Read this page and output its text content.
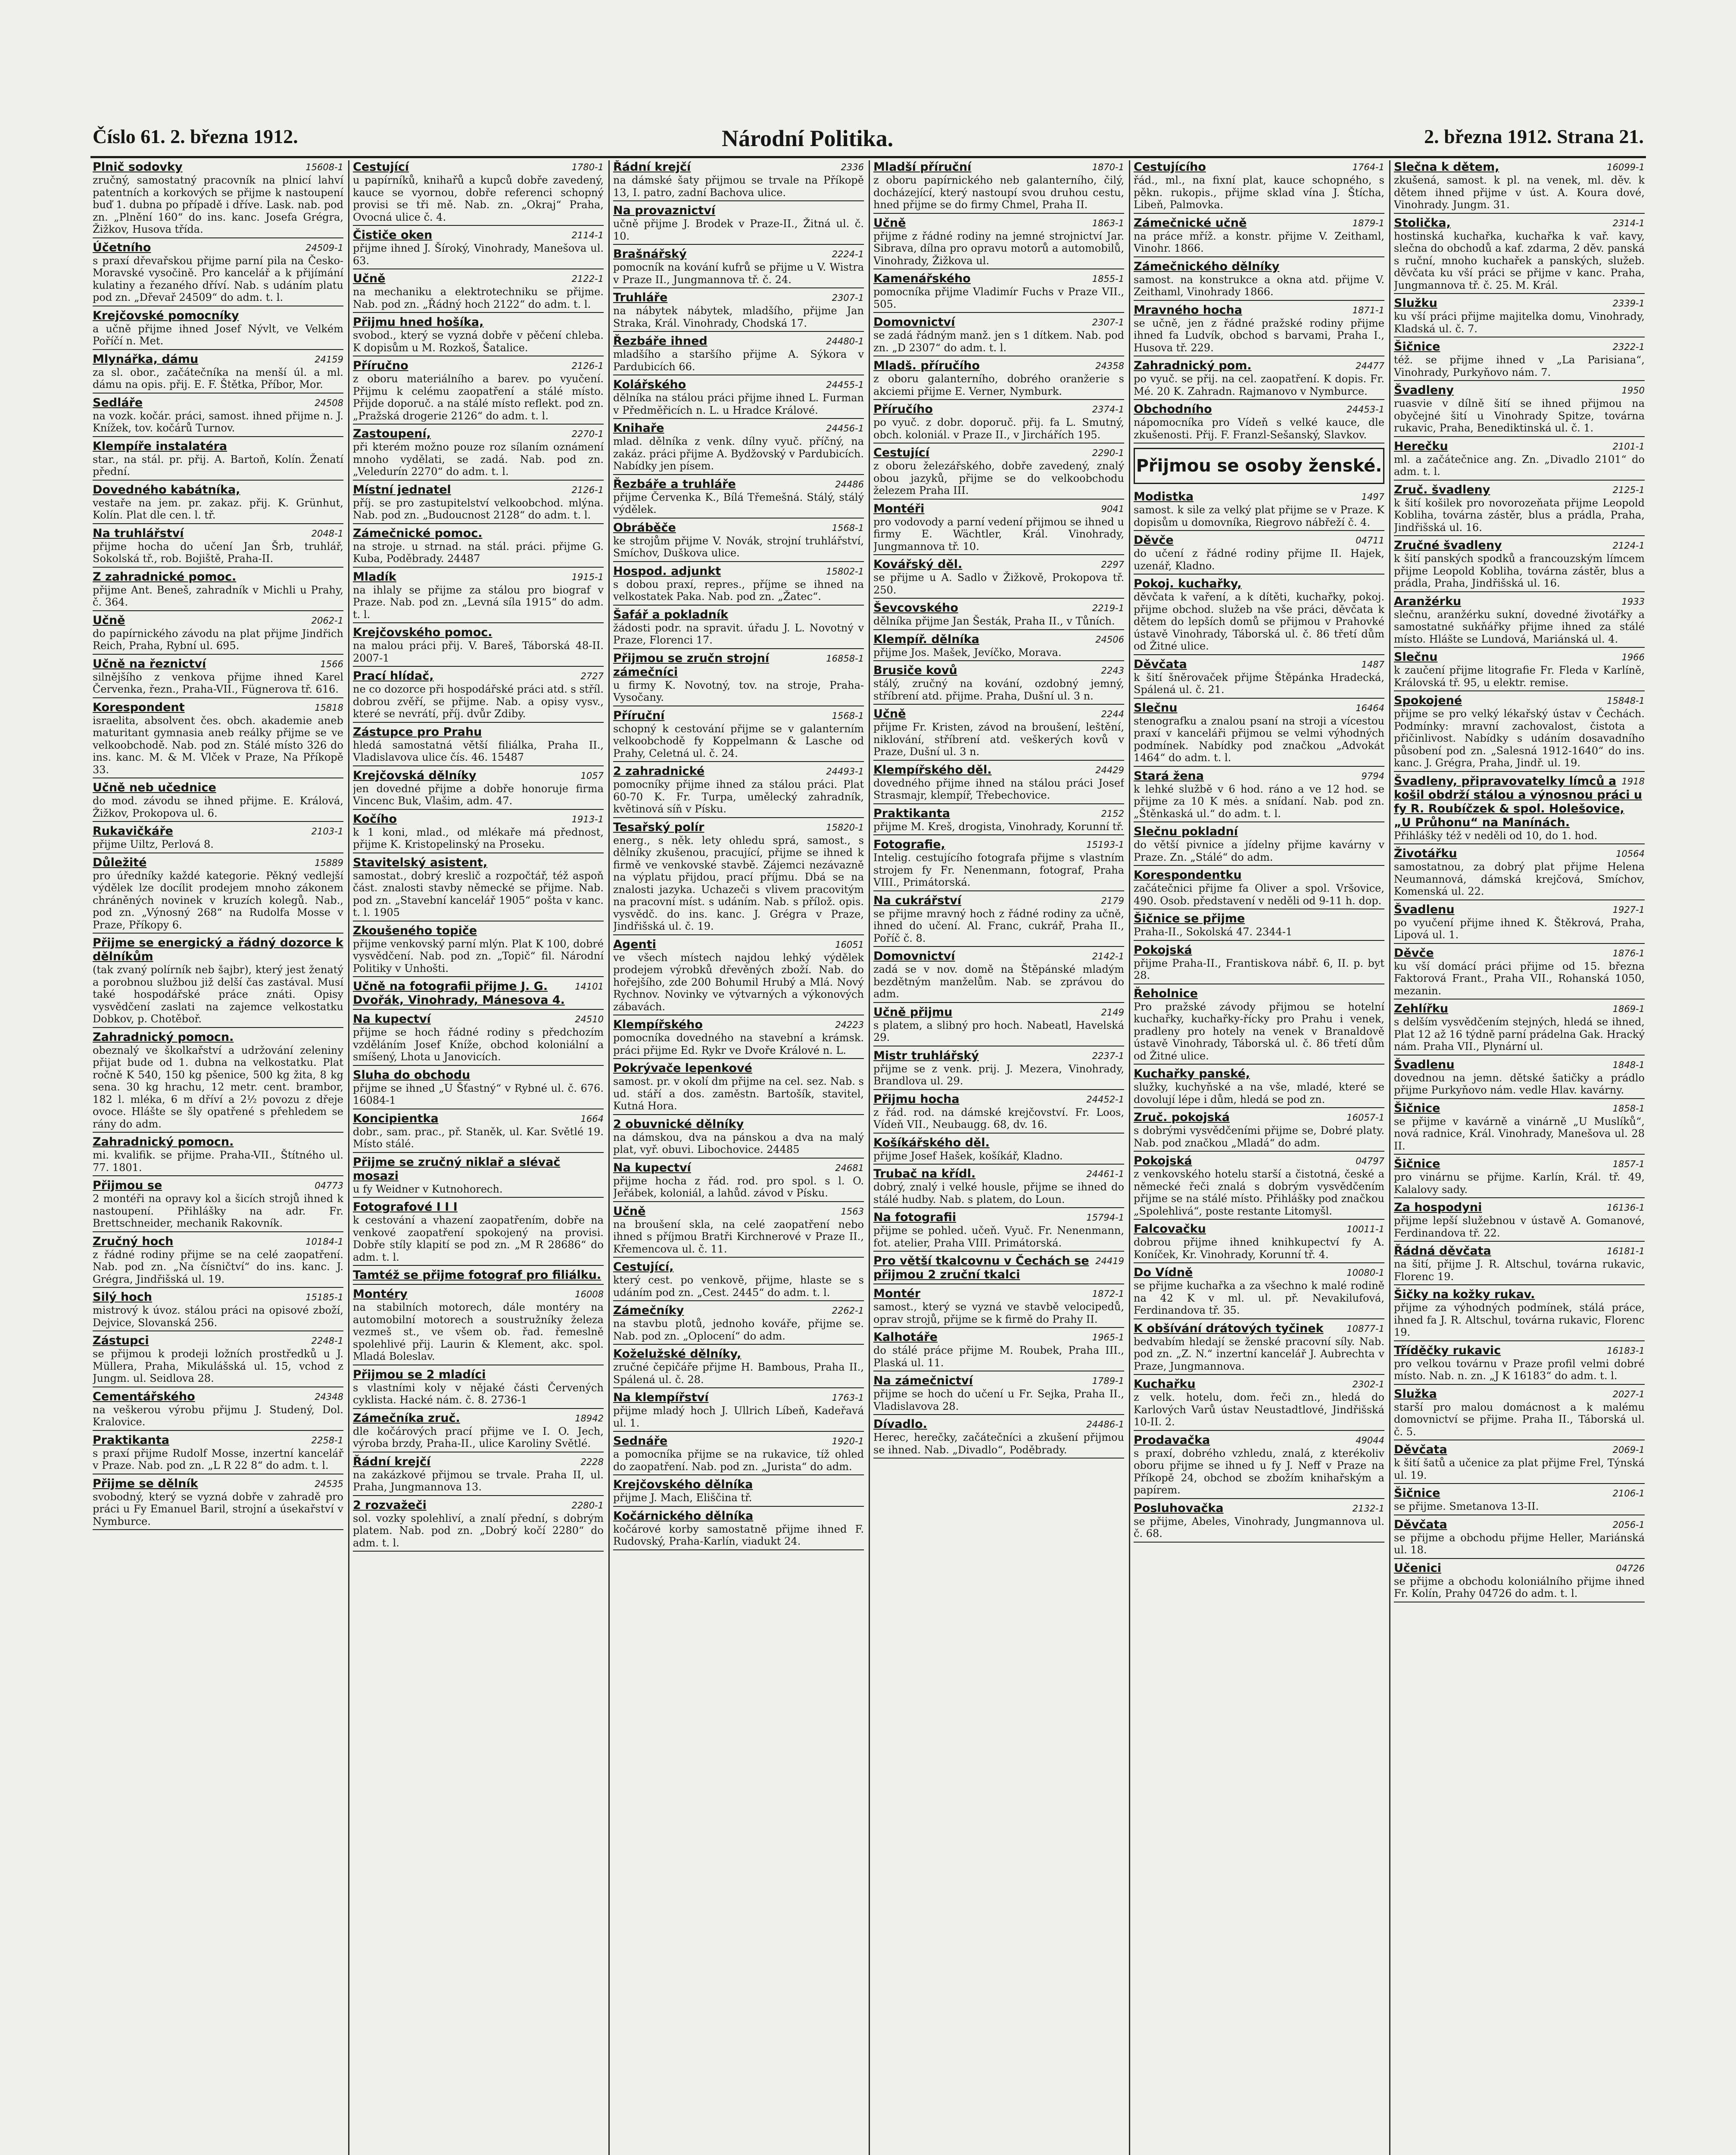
Číslo 61. 2. března 1912.	Národní Politika.	2. března 1912. Strana 21.
15608-1
Plnič sodovky
zručný, samostatný pracovník na plnicí lahví patentních a korkových se přijme k nastoupení buď 1. dubna po případě i dříve. Lask. nab. pod zn. „Plnění 160“ do ins. kanc. Josefa Grégra, Žižkov, Husova třída.
24509-1
Účetního
s praxí dřevařskou přijme parní pila na Česko-Moravské vysočině. Pro kancelář a k přijímání kulatiny a řezaného dříví. Nab. s udáním platu pod zn. „Dřevař 24509“ do adm. t. l.
Krejčovské pomocníky
a učně přijme ihned Josef Nývlt, ve Velkém Poříčí n. Met.
24159
Mlynářka, dámu
za sl. obor., začátečníka na menší úl. a ml. dámu na opis. přij. E. F. Štětka, Příbor, Mor.
24508
Sedláře
na vozk. kočár. práci, samost. ihned přijme n. J. Knížek, tov. kočárů Turnov.
Klempíře instalatéra
star., na stál. pr. přij. A. Bartoň, Kolín. Ženatí přední.
Dovedného kabátníka,
vestaře na jem. pr. zakaz. přij. K. Grünhut, Kolín. Plat dle cen. l. tř.
2048-1
Na truhlářství
přijme hocha do učení Jan Šrb, truhlář, Sokolská tř., rob. Bojiště, Praha-II.
Z zahradnické pomoc.
přijme Ant. Beneš, zahradník v Michli u Prahy, č. 364.
2062-1
Učně
do papírnického závodu na plat přijme Jindřich Reich, Praha, Rybní ul. 695.
1566
Učně na řeznictví
silnějšího z venkova přijme ihned Karel Červenka, řezn., Praha-VII., Fügnerova tř. 616.
15818
Korespondent
israelita, absolvent čes. obch. akademie aneb maturitant gymnasia aneb reálky přijme se ve velkoobchodě. Nab. pod zn. Stálé místo 326 do ins. kanc. M. & M. Vlček v Praze, Na Příkopě 33.
Učně neb učednice
do mod. závodu se ihned přijme. E. Králová, Žižkov, Prokopova ul. 6.
2103-1
Rukavičkáře
přijme Uiltz, Perlová 8.
15889
Důležité
pro úředníky každé kategorie. Pěkný vedlejší výdělek lze docílit prodejem mnoho zákonem chráněných novinek v kruzích kolegů. Nab., pod zn. „Výnosný 268“ na Rudolfa Mosse v Praze, Příkopy 6.
Přijme se energický a řádný dozorce k dělníkům
(tak zvaný polírník neb šajbr), který jest ženatý a porobnou službou již delší čas zastával. Musí také hospodářské práce znáti. Opisy vysvědčení zaslati na zajemce velkostatku Dobkov, p. Chotěboř.
Zahradnický pomocn.
obeznalý ve školkařství a udržování zeleniny přijat bude od 1. dubna na velkostatku. Plat ročně K 540, 150 kg pšenice, 500 kg žita, 8 kg sena. 30 kg hrachu, 12 metr. cent. brambor, 182 l. mléka, 6 m dříví a 2½ povozu z dřeje ovoce. Hlášte se šly opatřené s přehledem se rány do adm.
Zahradnický pomocn.
mi. kvalifik. se přijme. Praha-VII., Štítného ul. 77. 1801.
04773
Přijmou se
2 montéři na opravy kol a šicích strojů ihned k nastoupení. Přihlášky na adr. Fr. Brettschneider, mechanik Rakovník.
10184-1
Zručný hoch
z řádné rodiny přijme se na celé zaopatření. Nab. pod zn. „Na čísničtví“ do ins. kanc. J. Grégra, Jindřišská ul. 19.
15185-1
Silý hoch
mistrový k úvoz. stálou práci na opisové zboží, Dejvice, Slovanská 256.
2248-1
Zástupci
se přijmou k prodeji ložních prostředků u J. Müllera, Praha, Mikulášská ul. 15, vchod z Jungm. ul. Seidlova 28.
24348
Cementářského
na veškerou výrobu přijmu J. Studený, Dol. Kralovice.
2258-1
Praktikanta
s praxí přijme Rudolf Mosse, inzertní kancelář v Praze. Nab. pod zn. „L R 22 8“ do adm. t. l.
24535
Přijme se dělník
svobodný, který se vyzná dobře v zahradě pro práci u Fy Emanuel Baril, strojní a úsekařství v Nymburce.
1780-1
Cestující
u papírníků, knihařů a kupců dobře zavedený, kauce se vyornou, dobře referenci schopný provisi se tři mě. Nab. zn. „Okraj“ Praha, Ovocná ulice č. 4.
2114-1
Čističe oken
přijme ihned J. Šíroký, Vinohrady, Manešova ul. 63.
2122-1
Učně
na mechaniku a elektrotechniku se přijme. Nab. pod zn. „Řádný hoch 2122“ do adm. t. l.
Přijmu hned hošíka,
svobod., který se vyzná dobře v pěčení chleba. K dopisům u M. Rozkoš, Šatalice.
2126-1
Příručno
z oboru materiálního a barev. po vyučení. Přijmu k celému zaopatření a stálé místo. Přijde doporuč. a na stálé místo reflekt. pod zn. „Pražská drogerie 2126“ do adm. t. l.
2270-1
Zastoupení,
při kterém možno pouze roz sílaním oznámení mnoho vydělati, se zadá. Nab. pod zn. „Veledurín 2270“ do adm. t. l.
2126-1
Místní jednatel
příj. se pro zastupitelství velkoobchod. mlýna. Nab. pod zn. „Budoucnost 2128“ do adm. t. l.
Zámečnické pomoc.
na stroje. u strnad. na stál. práci. přijme G. Kuba, Poděbrady. 24487
1915-1
Mladík
na ihlaly se přijme za stálou pro biograf v Praze. Nab. pod zn. „Levná síla 1915“ do adm. t. l.
Krejčovského pomoc.
na malou práci přij. V. Bareš, Táborská 48-II. 2007-1
2727
Prací hlídač,
ne co dozorce při hospodářské práci atd. s stříl. dobrou zvěří, se přijme. Nab. a opisy vysv., které se nevrátí, příj. dvůr Zdiby.
Zástupce pro Prahu
hledá samostatná větší filiálka, Praha II., Vladislavova ulice čís. 46. 15487
1057
Krejčovská dělníky
jen dovedné přijme a dobře honoruje firma Vincenc Buk, Vlašim, adm. 47.
1913-1
Kočího
k 1 koni, mlad., od mlékaře má přednost, přijme K. Kristopelinský na Proseku.
Stavitelský asistent,
samostat., dobrý kreslič a rozpočtář, též aspoň část. znalosti stavby německé se přijme. Nab. pod zn. „Stavební kancelář 1905“ pošta v kanc. t. l. 1905
Zkoušeného topiče
přijme venkovský parní mlýn. Plat K 100, dobré vysvědčení. Nab. pod zn. „Topič“ fil. Národní Politiky v Unhošti.
14101
Učně na fotografii přijme J. G. Dvořák, Vinohrady, Mánesova 4.
24510
Na kupectví
přijme se hoch řádné rodiny s předchozím vzděláním Josef Kníže, obchod koloniální a smíšený, Lhota u Janovicích.
Sluha do obchodu
přijme se ihned „U Šťastný“ v Rybné ul. č. 676. 16084-1
1664
Koncipientka
dobr., sam. prac., př. Staněk, ul. Kar. Světlé 19. Místo stálé.
Přijme se zručný niklař a slévač mosazi
u fy Weidner v Kutnohorech.
Fotografové I I I
k cestování a vhazení zaopatřením, dobře na venkové zaopatření spokojený na provisi. Dobře stíly klapití se pod zn. „M R 28686“ do adm. t. l.
Tamtéž se přijme fotograf pro filiálku.
16008
Montéry
na stabilních motorech, dále montéry na automobilní motorech a soustružníky železa vezmeš st., ve všem ob. řad. řemeslně spolehlivé přij. Laurin & Klement, akc. spol. Mladá Boleslav.
Přijmou se 2 mladíci
s vlastními koly v nějaké části Červených cyklista. Hacké nám. č. 8. 2736-1
18942
Zámečníka zruč.
dle kočárových prací přijme ve I. O. Jech, výroba brzdy, Praha-II., ulice Karoliny Světlé.
2228
Řádní krejčí
na zakázkové přijmou se trvale. Praha II, ul. Praha, Jungmannova 13.
2280-1
2 rozvažeči
sol. vozky spolehliví, a znalí přední, s dobrým platem. Nab. pod zn. „Dobrý kočí 2280“ do adm. t. l.
2336
Řádní krejčí
na dámské šaty přijmou se trvale na Příkopě 13, I. patro, zadní Bachova ulice.
Na provaznictví
učně přijme J. Brodek v Praze-II., Žitná ul. č. 10.
2224-1
Brašnářský
pomocník na kování kufrů se přijme u V. Wistra v Praze II., Jungmannova tř. č. 24.
2307-1
Truhláře
na nábytek nábytek, mladšího, přijme Jan Straka, Král. Vinohrady, Chodská 17.
24480-1
Řezbáře ihned
mladšího a staršího přijme A. Sýkora v Pardubicích 66.
24455-1
Kolářského
dělníka na stálou práci přijme ihned L. Furman v Předměřicích n. L. u Hradce Králové.
24456-1
Knihaře
mlad. dělníka z venk. dílny vyuč. příčný, na zakáz. práci přijme A. Bydžovský v Pardubicích. Nabídky jen písem.
24486
Řezbáře a truhláře
přijme Červenka K., Bílá Třemešná. Stálý, stálý výdělek.
1568-1
Obráběče
ke strojům přijme V. Novák, strojní truhlářství, Smíchov, Duškova ulice.
15802-1
Hospod. adjunkt
s dobou praxí, repres., příjme se ihned na velkostatek Paka. Nab. pod zn. „Žatec“.
Šafář a pokladník
žádosti podr. na spravit. úřadu J. L. Novotný v Praze, Florenci 17.
16858-1
Přijmou se zručn strojní zámečníci
u firmy K. Novotný, tov. na stroje, Praha-Vysočany.
1568-1
Příruční
schopný k cestování přijme se v galanterním velkoobchodě fy Koppelmann & Lasche od Prahy, Celetná ul. č. 24.
24493-1
2 zahradnické
pomocníky přijme ihned za stálou práci. Plat 60-70 K. Fr. Turpa, umělecký zahradník, květinová síň v Písku.
15820-1
Tesařský polír
energ., s něk. lety ohledu sprá, samost., s dělníky zkušenou, pracující, přijme se ihned k firmě ve venkovské stavbě. Zájemci nezávazně na výplatu přijdou, prací příjmu. Dbá se na znalosti jazyka. Uchazeči s vlivem pracovitým na pracovní míst. s udáním. Nab. s přílož. opis. vysvědč. do ins. kanc. J. Grégra v Praze, Jindřišská ul. č. 19.
16051
Agenti
ve všech místech najdou lehký výdělek prodejem výrobků dřevěných zboží. Nab. do hořejšího, zde 200 Bohumil Hrubý a Mlá. Nový Rychnov. Novinky ve výtvarných a výkonových zábavách.
24223
Klempířského
pomocníka dovedného na stavební a krámsk. práci přijme Ed. Rykr ve Dvoře Králové n. L.
Pokrývače lepenkové
samost. pr. v okolí dm přijme na cel. sez. Nab. s ud. stáří a dos. zaměstn. Bartošík, stavitel, Kutná Hora.
2 obuvnické dělníky
na dámskou, dva na pánskou a dva na malý plat, vyř. obuvi. Libochovice. 24485
24681
Na kupectví
přijme hocha z řád. rod. pro spol. s l. O. Jeřábek, koloniál, a lahůd. závod v Písku.
1563
Učně
na broušení skla, na celé zaopatření nebo ihned s příjmou Bratři Kirchnerové v Praze II., Křemencova ul. č. 11.
Cestující,
který cest. po venkově, přijme, hlaste se s udáním pod zn. „Cest. 2445“ do adm. t. l.
2262-1
Zámečníky
na stavbu plotů, jednoho kováře, přijme se. Nab. pod zn. „Oplocení“ do adm.
Koželužské dělníky,
zručné čepičáře přijme H. Bambous, Praha II., Spálená ul. č. 28.
1763-1
Na klempířství
přijme mladý hoch J. Ullrich Líbeň, Kadeřavá ul. 1.
1920-1
Sednáře
a pomocníka přijme se na rukavice, tíž ohled do zaopatření. Nab. pod zn. „Jurista“ do adm.
Krejčovského dělníka
přijme J. Mach, Eliščina tř.
Kočárnického dělníka
kočárové korby samostatně přijme ihned F. Rudovský, Praha-Karlín, viadukt 24.
1870-1
Mladší příruční
z oboru papírnického neb galanterního, čilý, docházející, který nastoupí svou druhou cestu, hned přijme se do firmy Chmel, Praha II.
1863-1
Učně
přijme z řádné rodiny na jemné strojnictví Jar. Sibrava, dílna pro opravu motorů a automobilů, Vinohrady, Žižkova ul.
1855-1
Kamenářského
pomocníka přijme Vladimír Fuchs v Praze VII., 505.
2307-1
Domovnictví
se zadá řádným manž. jen s 1 dítkem. Nab. pod zn. „D 2307“ do adm. t. l.
24358
Mladš. příručího
z oboru galanterního, dobrého oranžerie s akciemi přijme E. Verner, Nymburk.
2374-1
Příručího
po vyuč. z dobr. doporuč. přij. fa L. Smutný, obch. koloniál. v Praze II., v Jirchářích 195.
2290-1
Cestující
z oboru železářského, dobře zavedený, znalý obou jazyků, přijme se do velkoobchodu železem Praha III.
9041
Montéři
pro vodovody a parní vedení přijmou se ihned u firmy E. Wächtler, Král. Vinohrady, Jungmannova tř. 10.
2297
Kovářský děl.
se přijme u A. Sadlo v Žižkově, Prokopova tř. 250.
2219-1
Ševcovského
dělníka přijme Jan Šesták, Praha II., v Tůních.
24506
Klempíř. dělníka
přijme Jos. Mašek, Jevíčko, Morava.
2243
Brusiče kovů
stálý, zručný na kování, ozdobný jemný, stříbrení atd. přijme. Praha, Dušní ul. 3 n.
2244
Učně
přijme Fr. Kristen, závod na broušení, leštění, niklování, stříbrení atd. veškerých kovů v Praze, Dušní ul. 3 n.
24429
Klempířského děl.
dovedného přijme ihned na stálou práci Josef Strasmajr, klempíř, Třebechovice.
2152
Praktikanta
přijme M. Kreš, drogista, Vinohrady, Korunní tř.
15193-1
Fotografie,
Intelig. cestujícího fotografa přijme s vlastním strojem fy Fr. Nenenmann, fotograf, Praha VIII., Primátorská.
2179
Na cukrářství
se přijme mravný hoch z řádné rodiny za učně, ihned do učení. Al. Franc, cukrář, Praha II., Poříč č. 8.
2142-1
Domovnictví
zadá se v nov. domě na Štěpánské mladým bezdětným manželům. Nab. se zprávou do adm.
2149
Učně přijmu
s platem, a slibný pro hoch. Nabeatl, Havelská 29.
2237-1
Mistr truhlářský
přijme se z venk. prij. J. Mezera, Vinohrady, Brandlova ul. 29.
24452-1
Přijmu hocha
z řád. rod. na dámské krejčovství. Fr. Loos, Vídeň VII., Neubaugg. 68, dv. 16.
Košíkářského děl.
přijme Josef Hašek, košíkář, Kladno.
24461-1
Trubač na křídl.
dobrý, znalý i velké housle, přijme se ihned do stálé hudby. Nab. s platem, do Loun.
15794-1
Na fotografii
přijme se pohled. učeň. Vyuč. Fr. Nenenmann, fot. atelier, Praha VIII. Primátorská.
24419
Pro větší tkalcovnu v Čechách se přijmou 2 zruční tkalci
1872-1
Montér
samost., který se vyzná ve stavbě velocipedů, oprav strojů, přijme se k firmě do Prahy II.
1965-1
Kalhotáře
do stálé práce přijme M. Roubek, Praha III., Plaská ul. 11.
1789-1
Na zámečnictví
přijme se hoch do učení u Fr. Sejka, Praha II., Vladislavova 28.
24486-1
Dívadlo.
Herec, herečky, začátečníci a zkušení přijmou se ihned. Nab. „Divadlo“, Poděbrady.
1764-1
Cestujícího
řád., ml., na fixní plat, kauce schopného, s pěkn. rukopis., přijme sklad vína J. Štícha, Libeň, Palmovka.
1879-1
Zámečnické učně
na práce mříž. a konstr. přijme V. Zeithaml, Vinohr. 1866.
Zámečnického dělníky
samost. na konstrukce a okna atd. přijme V. Zeithaml, Vinohrady 1866.
1871-1
Mravného hocha
se učně, jen z řádné pražské rodiny přijme ihned fa Ludvík, obchod s barvami, Praha I., Husova tř. 229.
24477
Zahradnický pom.
po vyuč. se přij. na cel. zaopatření. K dopis. Fr. Mé. 20 K. Zahradn. Rajmanovo v Nymburce.
24453-1
Obchodního
nápomocníka pro Vídeň s velké kauce, dle zkušenosti. Přij. F. Franzl-Sešanský, Slavkov.
Přijmou se osoby ženské.
1497
Modistka
samost. k sile za velký plat přijme se v Praze. K dopisům u domovníka, Riegrovo nábřeží č. 4.
04711
Děvče
do učení z řádné rodiny přijme II. Hajek, uzenář, Kladno.
Pokoj. kuchařky,
děvčata k vaření, a k dítěti, kuchařky, pokoj. přijme obchod. služeb na vše práci, děvčata k dětem do lepších domů se přijmou v Prahovké ústavě Vinohrady, Táborská ul. č. 86 třetí dům od Žitné ulice.
1487
Děvčata
k šití šněrovaček přijme Štěpánka Hradecká, Spálená ul. č. 21.
16464
Slečnu
stenografku a znalou psaní na stroji a vícestou praxí v kanceláři přijmou se velmi výhodných podmínek. Nabídky pod značkou „Advokát 1464“ do adm. t. l.
9794
Stará žena
k lehké službě v 6 hod. ráno a ve 12 hod. se přijme za 10 K mės. a snídaní. Nab. pod zn. „Štěnkaská ul.“ do adm. t. l.
Slečnu pokladní
do větší pivnice a jídelny přijme kavárny v Praze. Zn. „Stálé“ do adm.
Korespondentku
začátečnici přijme fa Oliver a spol. Vršovice, 490. Osob. představení v neděli od 9-11 h. dop.
Šičnice se přijme
Praha-II., Sokolská 47. 2344-1
Pokojská
přijme Praha-II., Frantiskova nábř. 6, II. p. byt 28.
Řeholnice
Pro pražské závody přijmou se hotelní kuchařky, kuchařky-řícky pro Prahu i venek, pradleny pro hotely na venek v Branaldově ústavě Vinohrady, Táborská ul. č. 86 třetí dům od Žitné ulice.
Kuchařky panské,
služky, kuchyňské a na vše, mladé, které se dovolují lépe i dům, hledá se pod zn.
16057-1
Zruč. pokojská
s dobrými vysvědčeními přijme se, Dobré platy. Nab. pod značkou „Mladá“ do adm.
04797
Pokojská
z venkovského hotelu starší a čistotná, české a německé řeči znalá s dobrým vysvědčením přijme se na stálé místo. Přihlášky pod značkou „Spolehlivá“, poste restante Litomyšl.
10011-1
Falcovačku
dobrou přijme ihned knihkupectví fy A. Koníček, Kr. Vinohrady, Korunní tř. 4.
10080-1
Do Vídně
se přijme kuchařka a za všechno k malé rodině na 42 K v ml. ul. př. Nevakilufová, Ferdinandova tř. 35.
10877-1
K obšívání drátových tyčinek
bedvabím hledají se ženské pracovní síly. Nab. pod zn. „Z. N.“ inzertní kancelář J. Aubrechta v Praze, Jungmannova.
2302-1
Kuchařku
z velk. hotelu, dom. řeči zn., hledá do Karlových Varů ústav Neustadtlové, Jindřišská 10-II. 2.
49044
Prodavačka
s praxí, dobrého vzhledu, znalá, z kterékoliv oboru přijme se ihned u fy J. Neff v Praze na Příkopě 24, obchod se zbožím knihařským a papírem.
2132-1
Posluhovačka
se přijme, Abeles, Vinohrady, Jungmannova ul. č. 68.
16099-1
Slečna k dětem,
zkušená, samost. k pl. na venek, ml. děv. k dětem ihned přijme v úst. A. Koura dové, Vinohrady. Jungm. 31.
2314-1
Stolička,
hostinská kuchařka, kuchařka k vař. kavy, slečna do obchodů a kaf. zdarma, 2 děv. panská s ruční, mnoho kuchařek a panských, služeb. děvčata ku vší práci se přijme v kanc. Praha, Jungmannova tř. č. 25. M. Král.
2339-1
Služku
ku vší práci přijme majitelka domu, Vinohrady, Kladská ul. č. 7.
2322-1
Šičnice
též. se přijme ihned v „La Parisiana“, Vinohrady, Purkyňovo nám. 7.
1950
Švadleny
ruasvie v dílně šití se ihned přijmou na obyčejné šití u Vinohrady Spitze, továrna rukavic, Praha, Benediktinská ul. č. 1.
2101-1
Herečku
ml. a začátečnice ang. Zn. „Divadlo 2101“ do adm. t. l.
2125-1
Zruč. švadleny
k šití košilek pro novorozeňata přijme Leopold Kobliha, továrna zástěr, blus a prádla, Praha, Jindřišská ul. 16.
2124-1
Zručné švadleny
k šití panských spodků a francouzským límcem přijme Leopold Kobliha, továrna zástěr, blus a prádla, Praha, Jindřišská ul. 16.
1933
Aranžérku
slečnu, aranžérku sukní, dovedné životářky a samostatné sukňářky přijme ihned za stálé místo. Hlášte se Lundová, Mariánská ul. 4.
1966
Slečnu
k zaučení přijme litografie Fr. Fleda v Karlíně, Královská tř. 95, u elektr. remise.
15848-1
Spokojené
přijme se pro velký lékařský ústav v Čechách. Podmínky: mravní zachovalost, čistota a přičinlivost. Nabídky s udáním dosavadního působení pod zn. „Salesná 1912-1640“ do ins. kanc. J. Grégra, Praha, Jindř. ul. 19.
1918
Švadleny, připravovatelky límců a košil obdrží stálou a výnosnou práci u fy R. Roubíčzek & spol. Holešovice, „U Průhonu“ na Manínách.
Přihlášky též v neděli od 10, do 1. hod.
10564
Životářku
samostatnou, za dobrý plat přijme Helena Neumannová, dámská krejčová, Smíchov, Komenská ul. 22.
1927-1
Švadlenu
po vyučení přijme ihned K. Štěkrová, Praha, Lipová ul. 1.
1876-1
Děvče
ku vší domácí práci přijme od 15. března Faktorová Frant., Praha VII., Rohanská 1050, mezanin.
1869-1
Zehlířku
s delším vysvědčením stejných, hledá se ihned, Plat 12 až 16 týdně parní prádelna Gak. Hracký nám. Praha VII., Plynární ul.
1848-1
Švadlenu
dovednou na jemn. dětské šatičky a prádlo přijme Purkyňovo nám. vedle Hlav. kavárny.
1858-1
Šičnice
se přijme v kavárně a vinárně „U Muslíků“, nová radnice, Král. Vinohrady, Manešova ul. 28 II.
1857-1
Šičnice
pro vinárnu se přijme. Karlín, Král. tř. 49, Kalalovy sady.
16136-1
Za hospodyni
přijme lepší služebnou v ústavě A. Gomanové, Ferdinandova tř. 22.
16181-1
Řádná děvčata
na šití, přijme J. R. Altschul, továrna rukavic, Florenc 19.
Šičky na kožky rukav.
přijme za výhodných podmínek, stálá práce, ihned fa J. R. Altschul, továrna rukavic, Florenc 19.
16183-1
Tříděčky rukavic
pro velkou továrnu v Praze profil velmi dobré místo. Nab. n. zn. „J K 16183“ do adm. t. l.
2027-1
Služka
starší pro malou domácnost a k malému domovnictví se přijme. Praha II., Táborská ul. č. 5.
2069-1
Děvčata
k šití šatů a učenice za plat přijme Frel, Týnská ul. 19.
2106-1
Šičnice
se přijme. Smetanova 13-II.
2056-1
Děvčata
se přijme a obchodu přijme Heller, Mariánská ul. 18.
04726
Učenici
se přijme a obchodu koloniálního přijme ihned Fr. Kolín, Prahy 04726 do adm. t. l.
